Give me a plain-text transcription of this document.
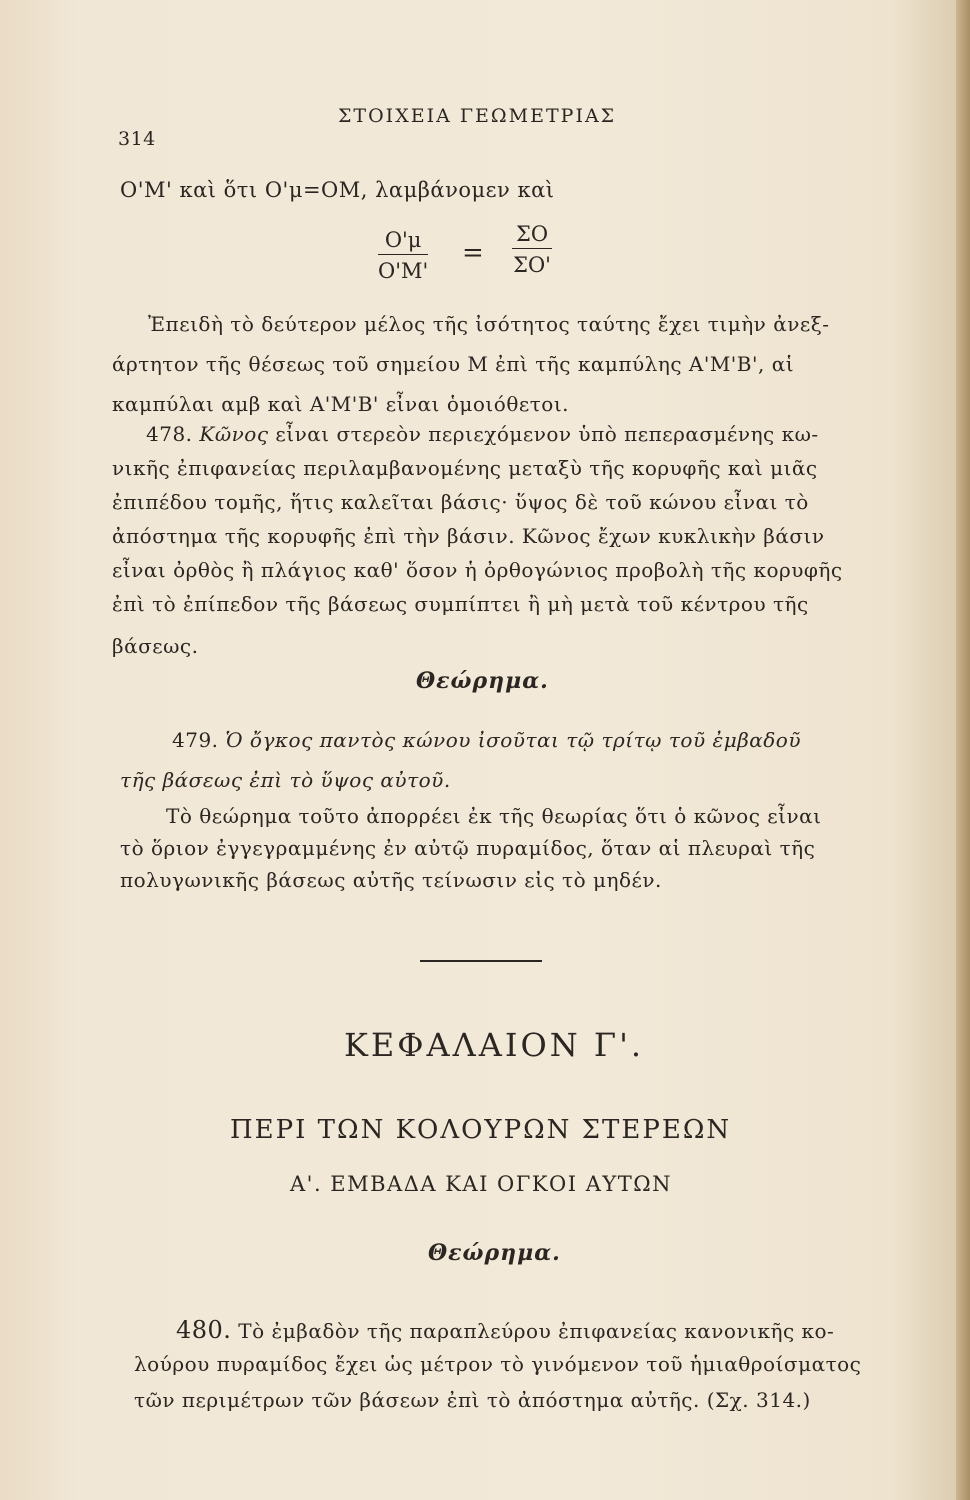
314
ΣΤΟΙΧΕΙΑ ΓΕΩΜΕΤΡΙΑΣ
Ο'Μ' καὶ ὅτι Ο'μ=ΟΜ, λαμβάνομεν καὶ
$\frac{O'\mu}{O'M'} = \frac{\Sigma O}{\Sigma O'}$
Ἐπειδὴ τὸ δεύτερον μέλος τῆς ἰσότητος ταύτης ἔχει τιμὴν ἀνεξ-
άρτητον τῆς θέσεως τοῦ σημείου Μ ἐπὶ τῆς καμπύλης Α'Μ'Β', αἱ
καμπύλαι αμβ καὶ Α'Μ'Β' εἶναι ὁμοιόθετοι.
478. Κῶνος εἶναι στερεὸν περιεχόμενον ὑπὸ πεπερασμένης κω-
νικῆς ἐπιφανείας περιλαμβανομένης μεταξὺ τῆς κορυφῆς καὶ μιᾶς
ἐπιπέδου τομῆς, ἥτις καλεῖται βάσις· ὕψος δὲ τοῦ κώνου εἶναι τὸ
ἀπόστημα τῆς κορυφῆς ἐπὶ τὴν βάσιν. Κῶνος ἔχων κυκλικὴν βάσιν
εἶναι ὀρθὸς ἢ πλάγιος καθ' ὅσον ἡ ὀρθογώνιος προβολὴ τῆς κορυφῆς
ἐπὶ τὸ ἐπίπεδον τῆς βάσεως συμπίπτει ἢ μὴ μετὰ τοῦ κέντρου τῆς
βάσεως.
Θεώρημα.
479. Ὁ ὄγκος παντὸς κώνου ἰσοῦται τῷ τρίτῳ τοῦ ἐμβαδοῦ
τῆς βάσεως ἐπὶ τὸ ὕψος αὐτοῦ.
Τὸ θεώρημα τοῦτο ἀπορρέει ἐκ τῆς θεωρίας ὅτι ὁ κῶνος εἶναι
τὸ ὅριον ἐγγεγραμμένης ἐν αὐτῷ πυραμίδος, ὅταν αἱ πλευραὶ τῆς
πολυγωνικῆς βάσεως αὐτῆς τείνωσιν εἰς τὸ μηδέν.
ΚΕΦΑΛΑΙΟΝ Γ'.
ΠΕΡΙ ΤΩΝ ΚΟΛΟΥΡΩΝ ΣΤΕΡΕΩΝ
Α'. ΕΜΒΑΔΑ ΚΑΙ ΟΓΚΟΙ ΑΥΤΩΝ
Θεώρημα.
480. Τὸ ἐμβαδὸν τῆς παραπλεύρου ἐπιφανείας κανονικῆς κο-
λούρου πυραμίδος ἔχει ὡς μέτρον τὸ γινόμενον τοῦ ἡμιαθροίσματος
τῶν περιμέτρων τῶν βάσεων ἐπὶ τὸ ἀπόστημα αὐτῆς. (Σχ. 314.)
